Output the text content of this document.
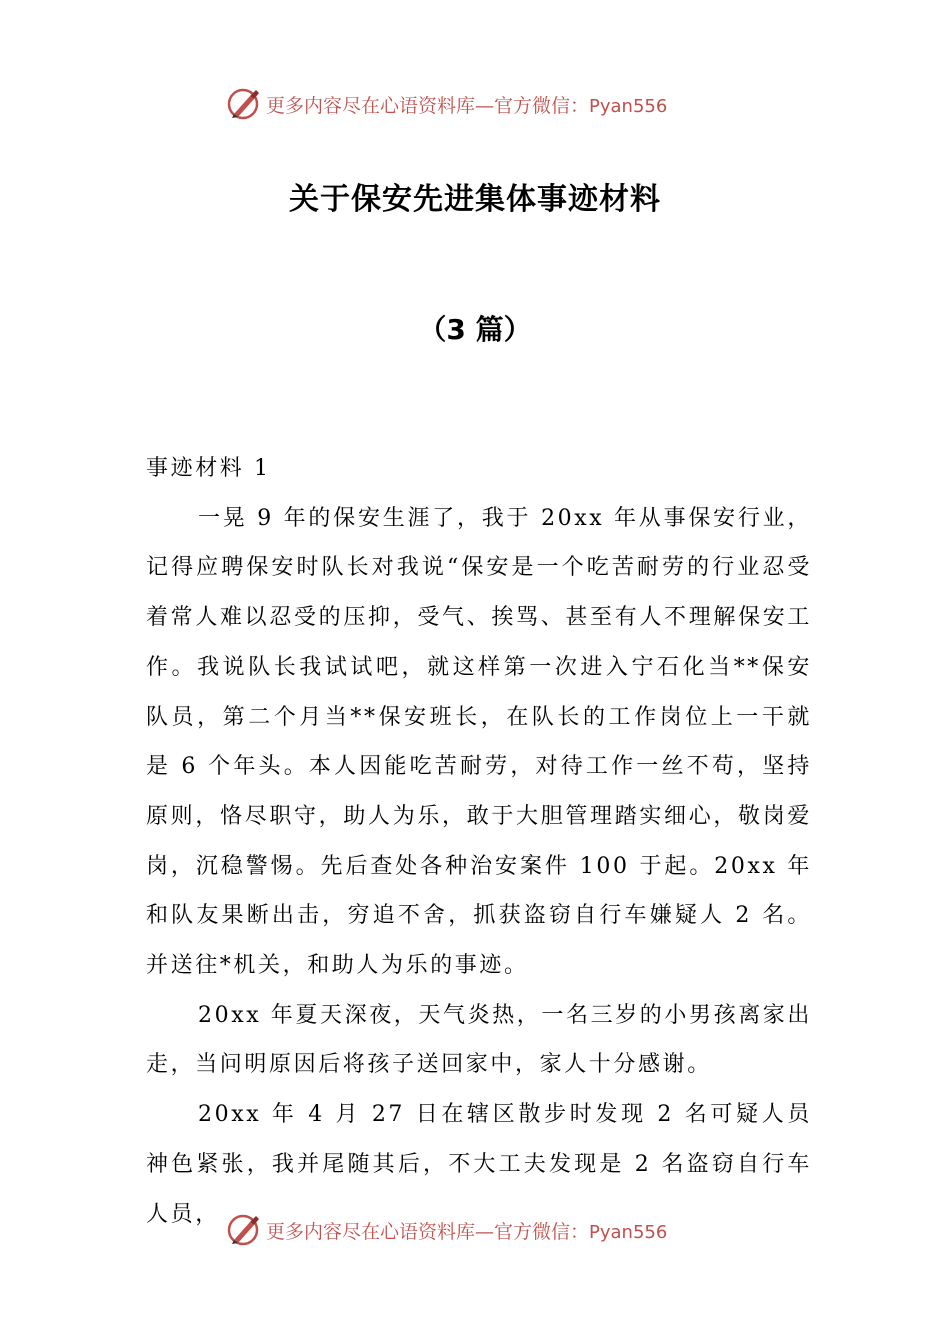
更多内容尽在心语资料库—官方微信：Pyan556
关于保安先进集体事迹材料
（3 篇）

事迹材料 1

一晃 9 年的保安生涯了，我于 20xx 年从事保安行业，记得应聘保安时队长对我说“保安是一个吃苦耐劳的行业忍受着常人难以忍受的压抑，受气、挨骂、甚至有人不理解保安工作。我说队长我试试吧，就这样第一次进入宁石化当**保安队员，第二个月当**保安班长，在队长的工作岗位上一干就是 6 个年头。本人因能吃苦耐劳，对待工作一丝不苟，坚持原则，恪尽职守，助人为乐，敢于大胆管理踏实细心，敬岗爱岗，沉稳警惕。先后查处各种治安案件 100 于起。20xx 年和队友果断出击，穷追不舍，抓获盗窃自行车嫌疑人 2 名。并送往*机关，和助人为乐的事迹。

20xx 年夏天深夜，天气炎热，一名三岁的小男孩离家出走，当问明原因后将孩子送回家中，家人十分感谢。

20xx 年 4 月 27 日在辖区散步时发现 2 名可疑人员神色紧张，我并尾随其后，不大工夫发现是 2 名盗窃自行车人员，

更多内容尽在心语资料库—官方微信：Pyan556
